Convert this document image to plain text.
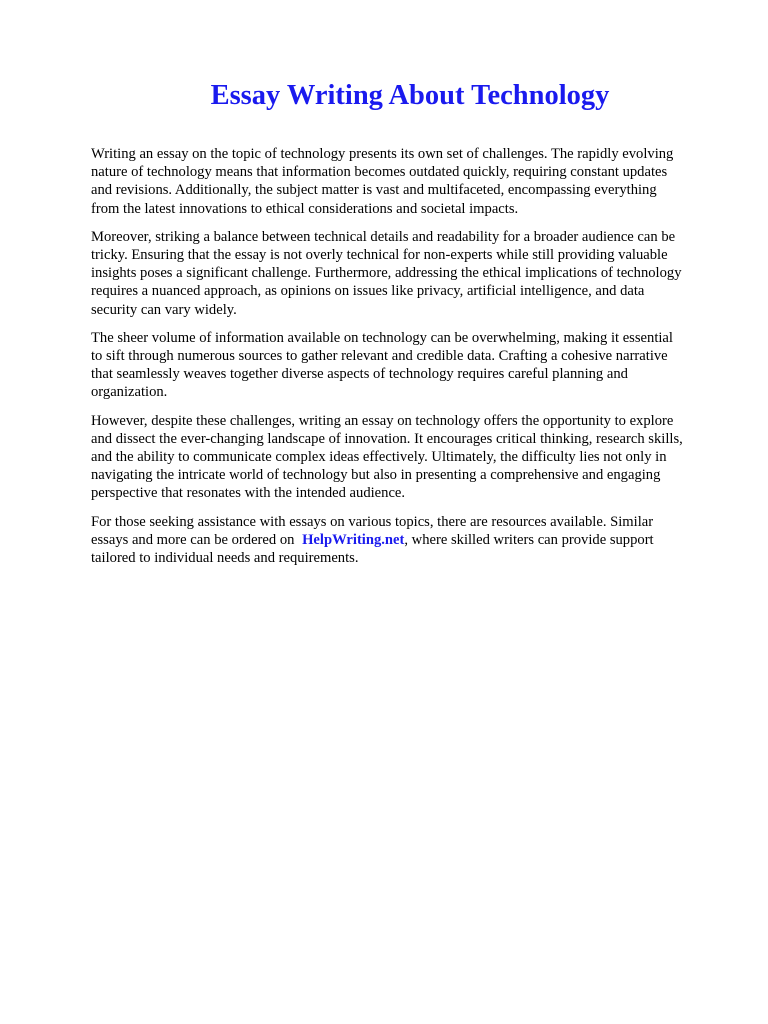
Essay Writing About Technology

Writing an essay on the topic of technology presents its own set of challenges. The rapidly evolving
nature of technology means that information becomes outdated quickly, requiring constant updates
and revisions. Additionally, the subject matter is vast and multifaceted, encompassing everything
from the latest innovations to ethical considerations and societal impacts.

Moreover, striking a balance between technical details and readability for a broader audience can be
tricky. Ensuring that the essay is not overly technical for non-experts while still providing valuable
insights poses a significant challenge. Furthermore, addressing the ethical implications of technology
requires a nuanced approach, as opinions on issues like privacy, artificial intelligence, and data
security can vary widely.

The sheer volume of information available on technology can be overwhelming, making it essential
to sift through numerous sources to gather relevant and credible data. Crafting a cohesive narrative
that seamlessly weaves together diverse aspects of technology requires careful planning and
organization.

However, despite these challenges, writing an essay on technology offers the opportunity to explore
and dissect the ever-changing landscape of innovation. It encourages critical thinking, research skills,
and the ability to communicate complex ideas effectively. Ultimately, the difficulty lies not only in
navigating the intricate world of technology but also in presenting a comprehensive and engaging
perspective that resonates with the intended audience.

For those seeking assistance with essays on various topics, there are resources available. Similar
essays and more can be ordered on HelpWriting.net, where skilled writers can provide support
tailored to individual needs and requirements.
